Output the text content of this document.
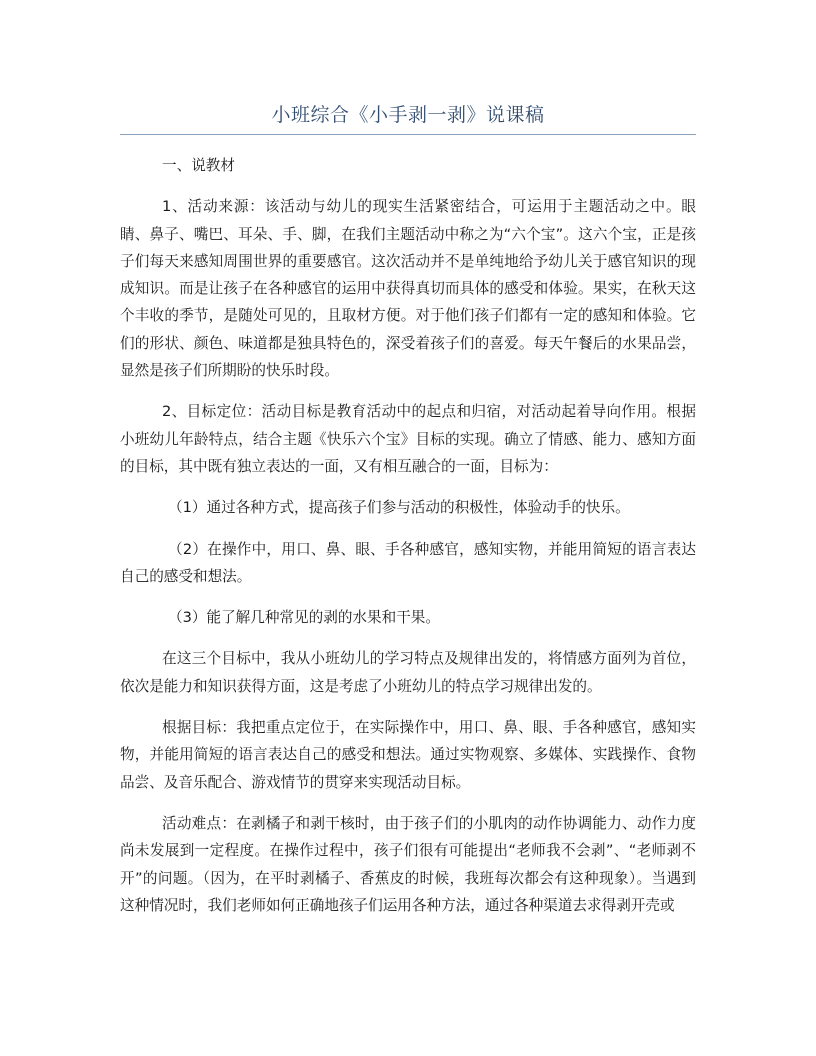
小班综合《小手剥一剥》说课稿

一、说教材

1、活动来源：该活动与幼儿的现实生活紧密结合，可运用于主题活动之中。眼睛、鼻子、嘴巴、耳朵、手、脚，在我们主题活动中称之为“六个宝”。这六个宝，正是孩子们每天来感知周围世界的重要感官。这次活动并不是单纯地给予幼儿关于感官知识的现成知识。而是让孩子在各种感官的运用中获得真切而具体的感受和体验。果实，在秋天这个丰收的季节，是随处可见的，且取材方便。对于他们孩子们都有一定的感知和体验。它们的形状、颜色、味道都是独具特色的，深受着孩子们的喜爱。每天午餐后的水果品尝，显然是孩子们所期盼的快乐时段。

2、目标定位：活动目标是教育活动中的起点和归宿，对活动起着导向作用。根据小班幼儿年龄特点，结合主题《快乐六个宝》目标的实现。确立了情感、能力、感知方面的目标，其中既有独立表达的一面，又有相互融合的一面，目标为：

（1）通过各种方式，提高孩子们参与活动的积极性，体验动手的快乐。

（2）在操作中，用口、鼻、眼、手各种感官，感知实物，并能用简短的语言表达自己的感受和想法。

（3）能了解几种常见的剥的水果和干果。

在这三个目标中，我从小班幼儿的学习特点及规律出发的，将情感方面列为首位，依次是能力和知识获得方面，这是考虑了小班幼儿的特点学习规律出发的。

根据目标：我把重点定位于，在实际操作中，用口、鼻、眼、手各种感官，感知实物，并能用简短的语言表达自己的感受和想法。通过实物观察、多媒体、实践操作、食物品尝、及音乐配合、游戏情节的贯穿来实现活动目标。

活动难点：在剥橘子和剥干核时，由于孩子们的小肌肉的动作协调能力、动作力度尚未发展到一定程度。在操作过程中，孩子们很有可能提出“老师我不会剥”、“老师剥不开”的问题。（因为，在平时剥橘子、香蕉皮的时候，我班每次都会有这种现象）。当遇到这种情况时，我们老师如何正确地孩子们运用各种方法，通过各种渠道去求得剥开壳或
